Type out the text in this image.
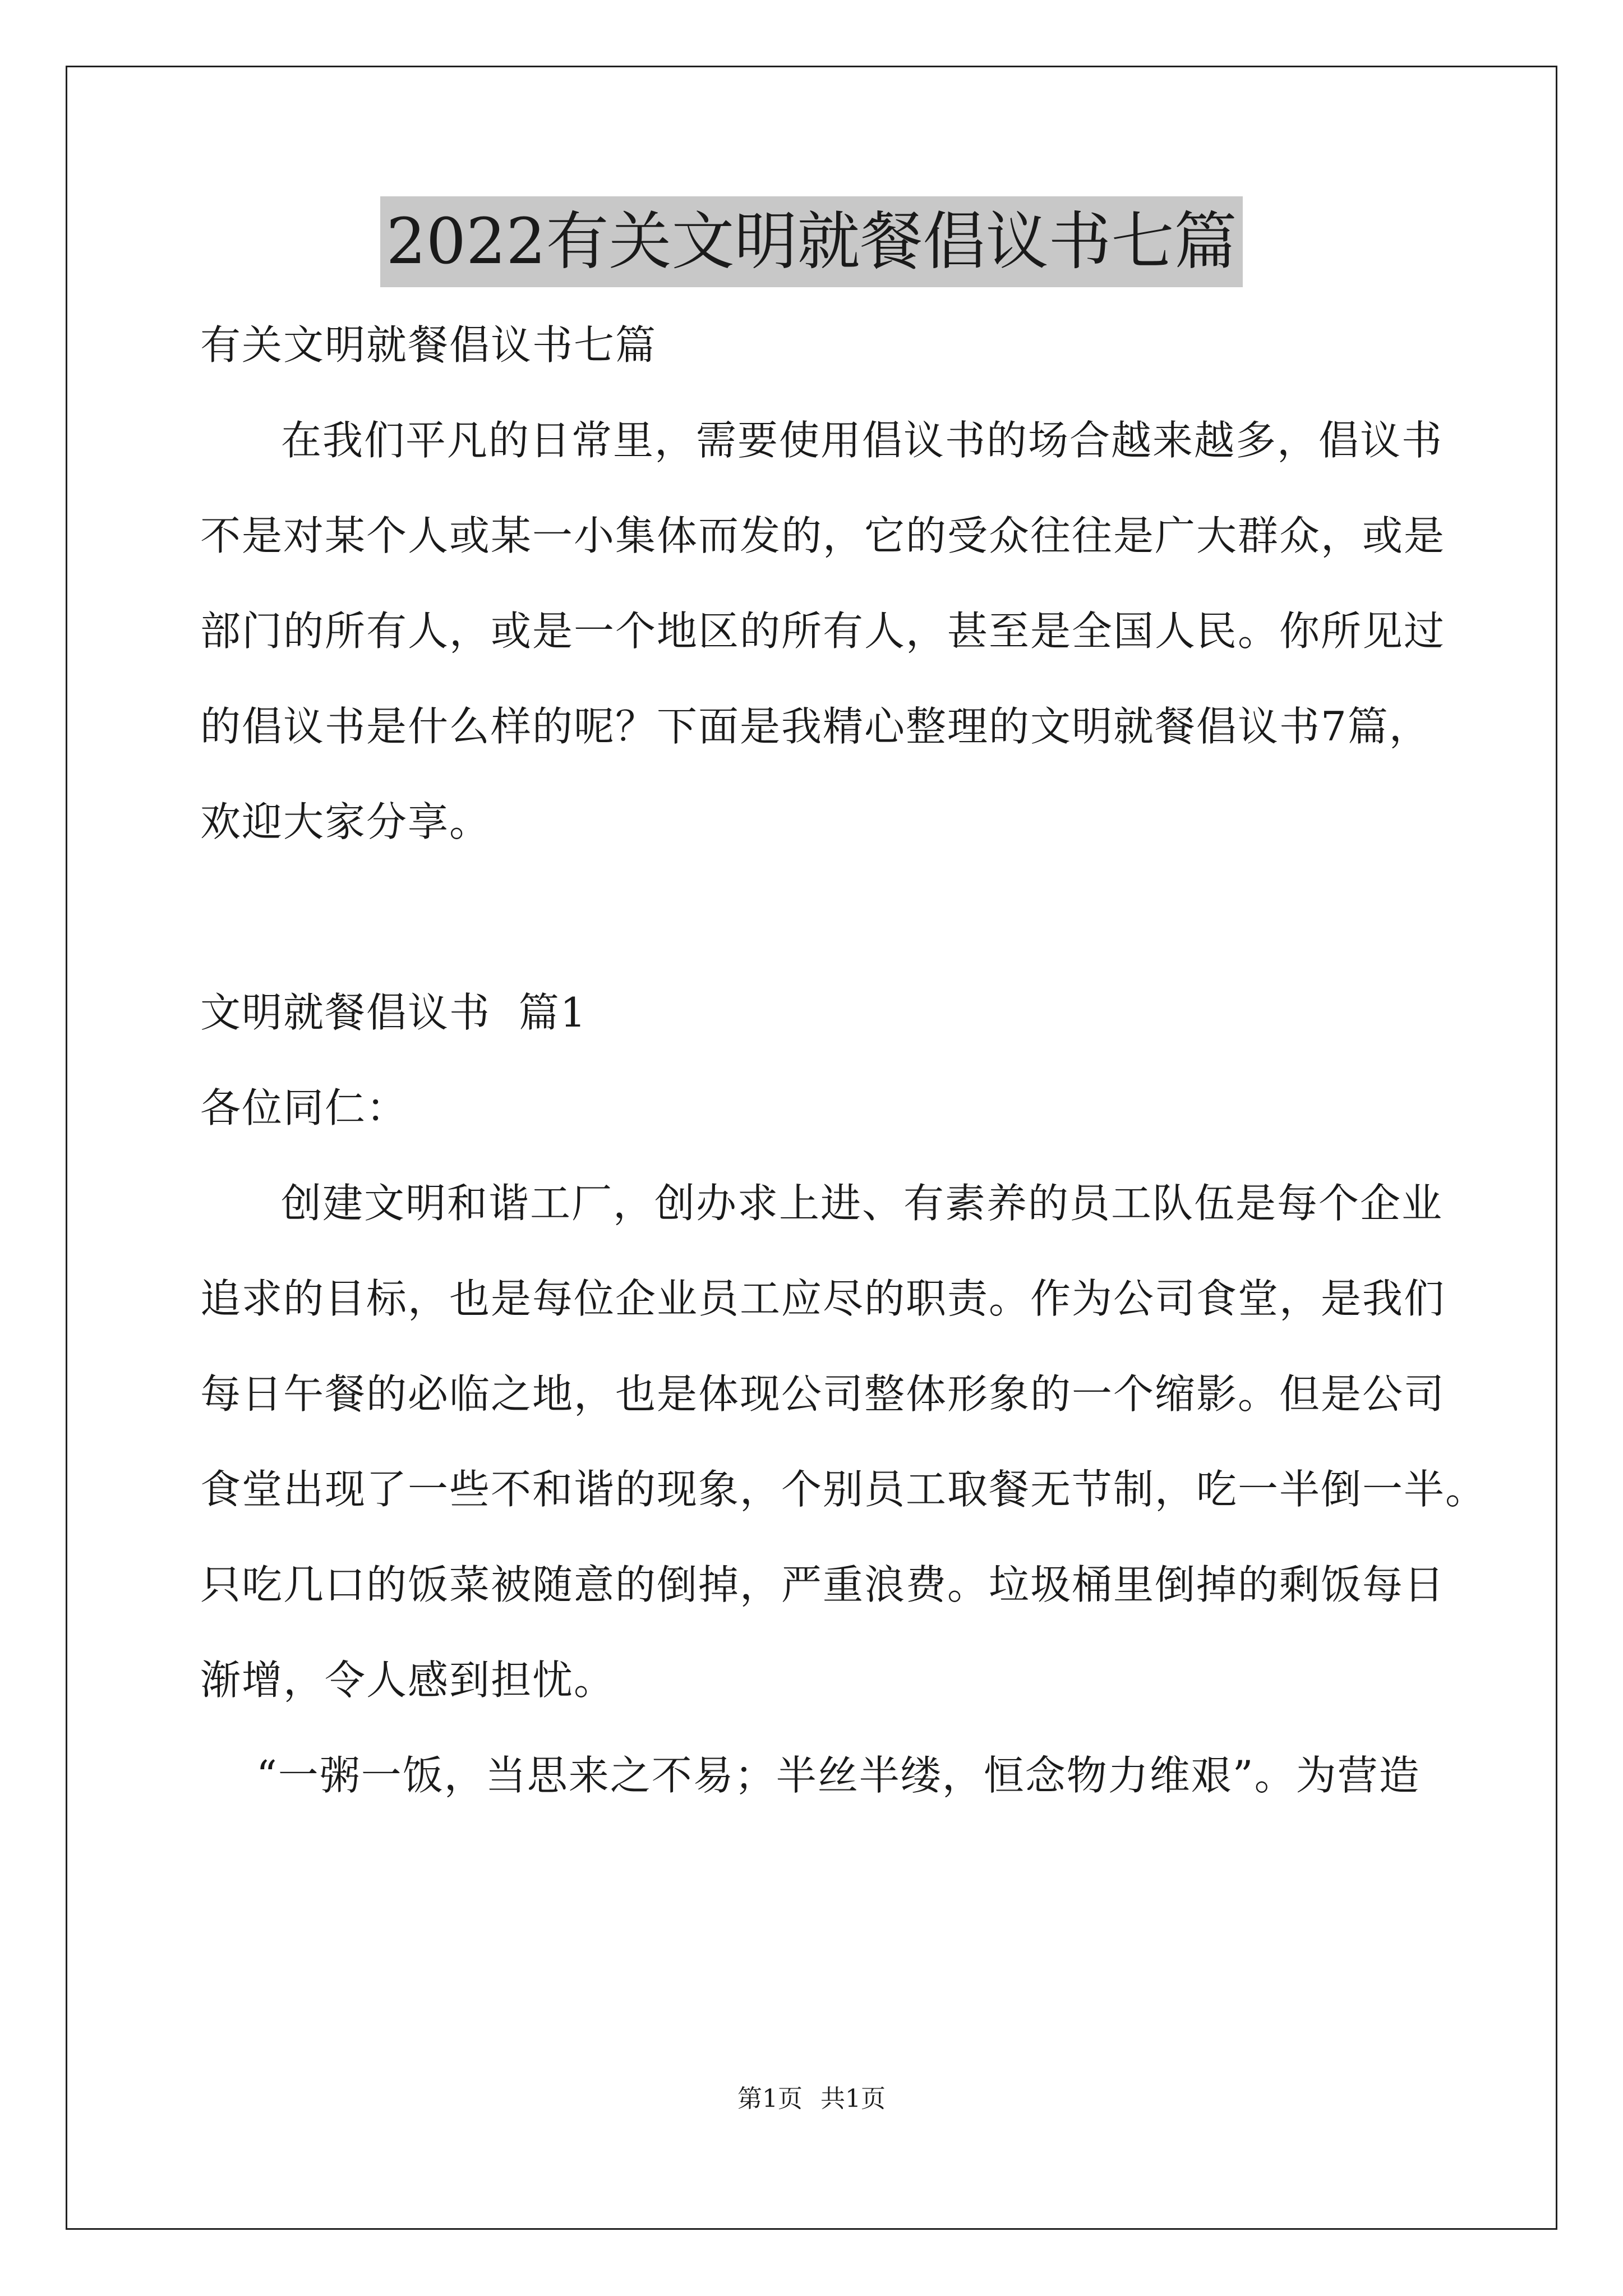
2022有关文明就餐倡议书七篇
有关文明就餐倡议书七篇
在我们平凡的日常里，需要使用倡议书的场合越来越多，倡议书
不是对某个人或某一小集体而发的，它的受众往往是广大群众，或是
部门的所有人，或是一个地区的所有人，甚至是全国人民。你所见过
的倡议书是什么样的呢？下面是我精心整理的文明就餐倡议书7篇，
欢迎大家分享。
文明就餐倡议书  篇1
各位同仁：
创建文明和谐工厂，创办求上进、有素养的员工队伍是每个企业
追求的目标，也是每位企业员工应尽的职责。作为公司食堂，是我们
每日午餐的必临之地，也是体现公司整体形象的一个缩影。但是公司
食堂出现了一些不和谐的现象，个别员工取餐无节制，吃一半倒一半。
只吃几口的饭菜被随意的倒掉，严重浪费。垃圾桶里倒掉的剩饭每日
渐增，令人感到担忧。
“一粥一饭，当思来之不易；半丝半缕，恒念物力维艰”。为营造
第1页 共1页
